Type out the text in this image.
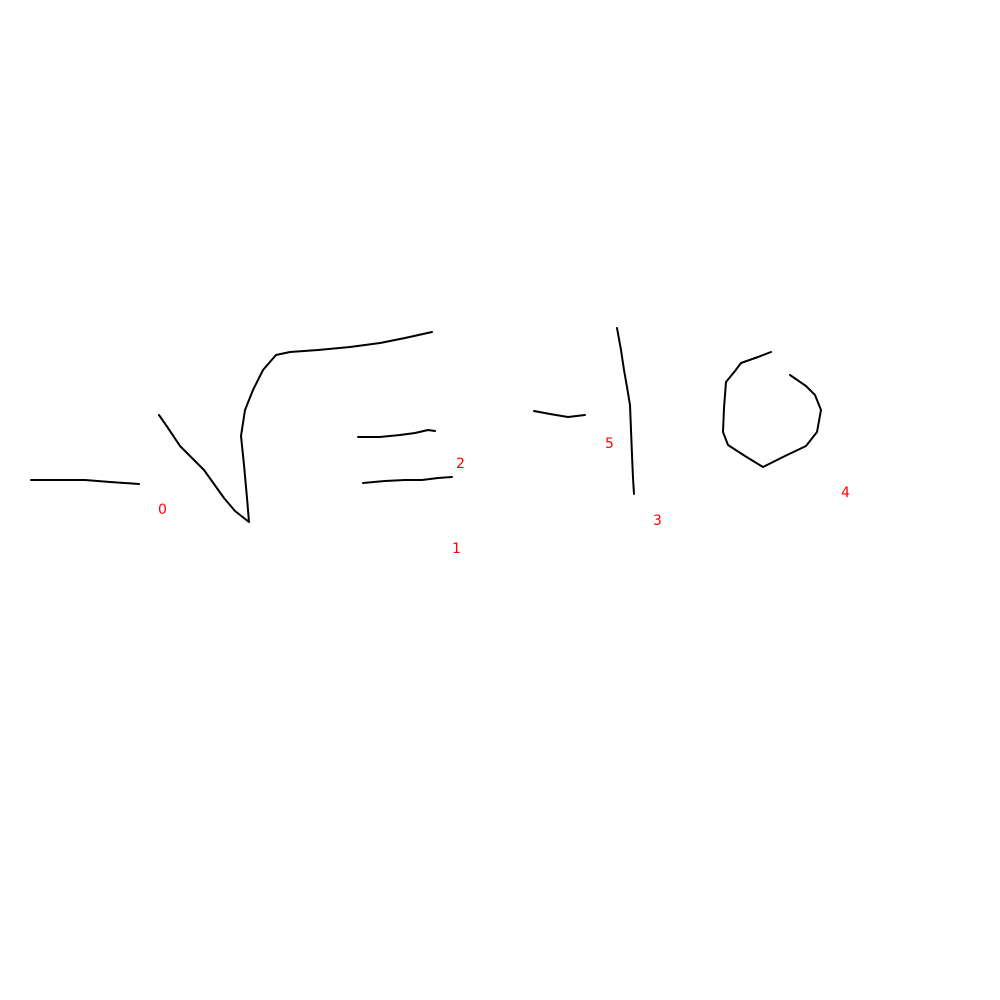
0
1
2
3
4
5
